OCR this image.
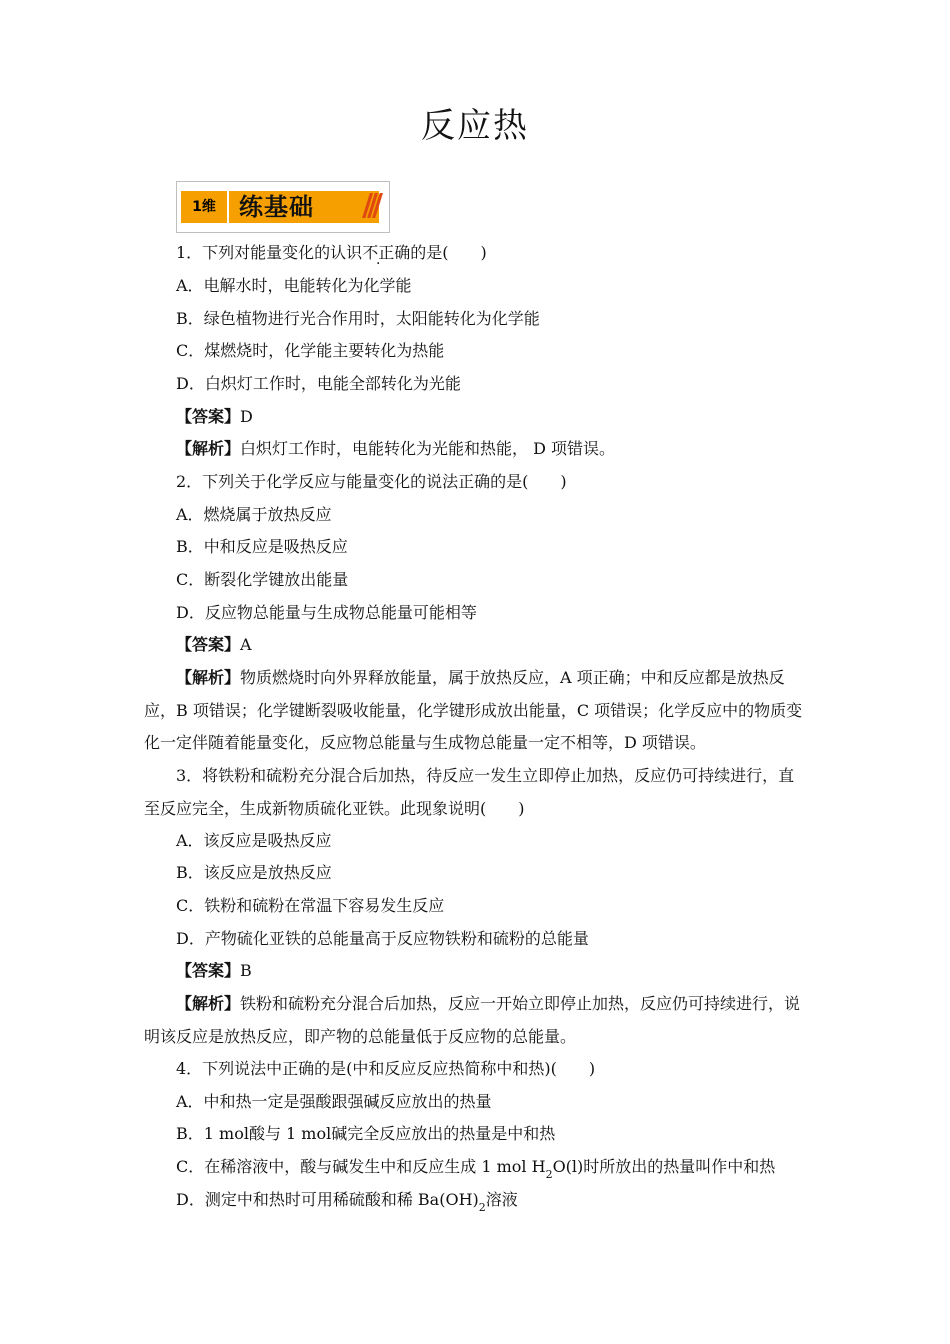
反应热
1维 练基础 ///
1．下列对能量变化的认识不正确的是(　　)
A．电解水时，电能转化为化学能
B．绿色植物进行光合作用时，太阳能转化为化学能
C．煤燃烧时，化学能主要转化为热能
D．白炽灯工作时，电能全部转化为光能
【答案】D
【解析】白炽灯工作时，电能转化为光能和热能， D 项错误。
2．下列关于化学反应与能量变化的说法正确的是(　　)
A．燃烧属于放热反应
B．中和反应是吸热反应
C．断裂化学键放出能量
D．反应物总能量与生成物总能量可能相等
【答案】A
【解析】物质燃烧时向外界释放能量，属于放热反应，A 项正确；中和反应都是放热反应，B 项错误；化学键断裂吸收能量，化学键形成放出能量，C 项错误；化学反应中的物质变化一定伴随着能量变化，反应物总能量与生成物总能量一定不相等，D 项错误。
3．将铁粉和硫粉充分混合后加热，待反应一发生立即停止加热，反应仍可持续进行，直至反应完全，生成新物质硫化亚铁。此现象说明(　　)
A．该反应是吸热反应
B．该反应是放热反应
C．铁粉和硫粉在常温下容易发生反应
D．产物硫化亚铁的总能量高于反应物铁粉和硫粉的总能量
【答案】B
【解析】铁粉和硫粉充分混合后加热，反应一开始立即停止加热，反应仍可持续进行，说明该反应是放热反应，即产物的总能量低于反应物的总能量。
4．下列说法中正确的是(中和反应反应热简称中和热)(　　)
A．中和热一定是强酸跟强碱反应放出的热量
B．1 mol酸与 1 mol碱完全反应放出的热量是中和热
C．在稀溶液中，酸与碱发生中和反应生成 1 mol $H_2O(l)$时所放出的热量叫作中和热
D．测定中和热时可用稀硫酸和稀 $Ba(OH)_2$溶液
